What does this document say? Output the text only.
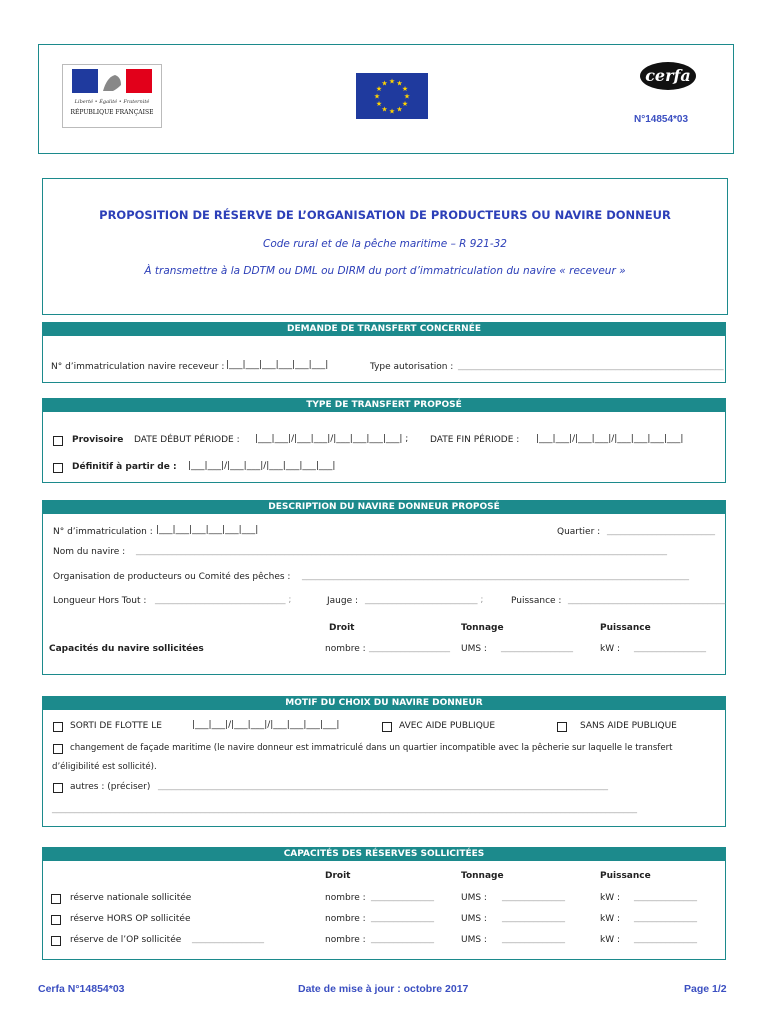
Liberté • Égalité • Fraternité
RÉPUBLIQUE FRANÇAISE
★ ★
★
★
★
★
★
★
★
★
★
★	cerfa
N°14854*03
PROPOSITION DE RÉSERVE DE L’ORGANISATION DE PRODUCTEURS OU NAVIRE DONNEUR
Code rural et de la pêche maritime – R 921-32
À transmettre à la DDTM ou DML ou DIRM du port d’immatriculation du navire « receveur »
DEMANDE DE TRANSFERT CONCERNÉE
N° d’immatriculation navire receveur : |___|___|___|___|___|___|	Type autorisation : ___________________________________________________________
TYPE DE TRANSFERT PROPOSÉ
Provisoire DATE DÉBUT PÉRIODE : |___|___|/|___|___|/|___|___|___|___| ; DATE FIN PÉRIODE : |___|___|/|___|___|/|___|___|___|___|
Définitif à partir de : |___|___|/|___|___|/|___|___|___|___|
DESCRIPTION DU NAVIRE DONNEUR PROPOSÉ
N° d’immatriculation : |___|___|___|___|___|___|	Quartier : ________________________
Nom du navire : ______________________________________________________________________________________________________________________
Organisation de producteurs ou Comité des pêches : ______________________________________________________________________________________
Longueur Hors Tout : _____________________________ ;	Jauge : _________________________ ;	Puissance : ___________________________________
Droit	Tonnage	Puissance
Capacités du navire sollicitées	nombre : __________________ UMS : ________________	kW : ________________
MOTIF DU CHOIX DU NAVIRE DONNEUR
SORTI DE FLOTTE LE	|___|___|/|___|___|/|___|___|___|___|	AVEC AIDE PUBLIQUE	SANS AIDE PUBLIQUE
changement de façade maritime (le navire donneur est immatriculé dans un quartier incompatible avec la pêcherie sur laquelle le transfert
d’éligibilité est sollicité).
autres : (préciser) ____________________________________________________________________________________________________
__________________________________________________________________________________________________________________________________
CAPACITÉS DES RÉSERVES SOLLICITÉES
Droit	Tonnage	Puissance
réserve nationale sollicitée	nombre : ______________	UMS : ______________	kW : ______________
réserve HORS OP sollicitée	nombre : ______________	UMS : ______________	kW : ______________
réserve de l’OP sollicitée ________________	nombre : ______________	UMS : ______________	kW : ______________
Cerfa N°14854*03	Date de mise à jour : octobre 2017	Page 1/2
